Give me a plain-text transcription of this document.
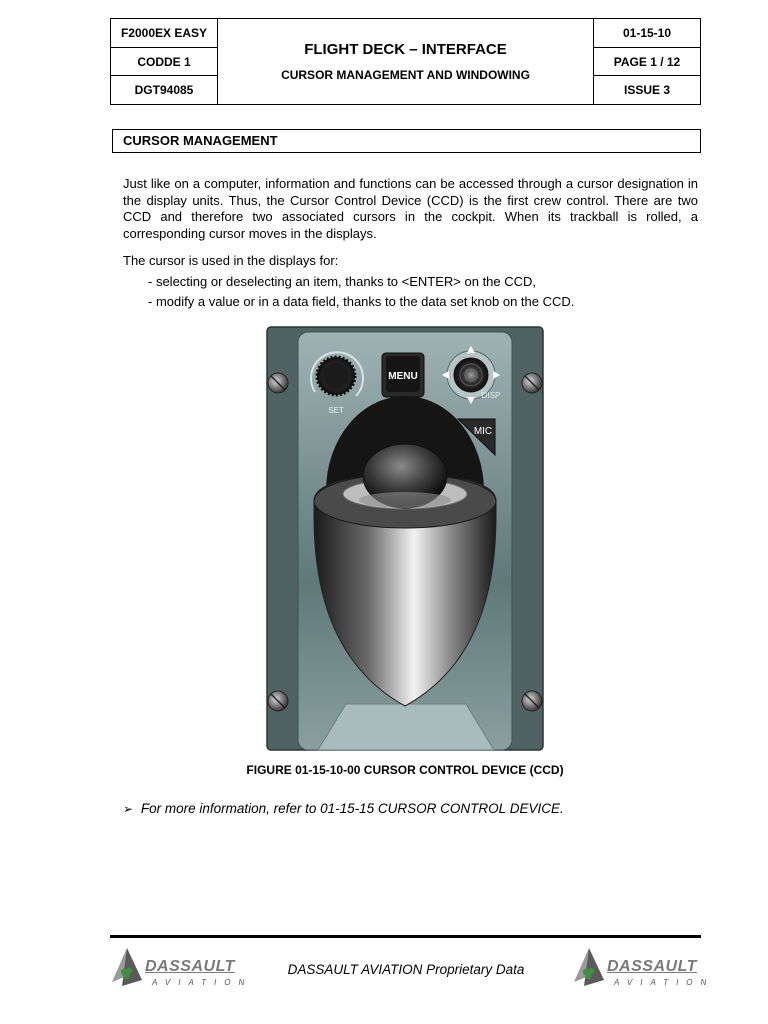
F2000EX EASY
CODDE 1
DGT94085
FLIGHT DECK – INTERFACE
CURSOR MANAGEMENT AND WINDOWING
01-15-10
PAGE 1 / 12
ISSUE 3
CURSOR MANAGEMENT
Just like on a computer, information and functions can be accessed through a cursor designation in the display units. Thus, the Cursor Control Device (CCD) is the first crew control. There are two CCD and therefore two associated cursors in the cockpit. When its trackball is rolled, a corresponding cursor moves in the displays.
The cursor is used in the displays for:
- selecting or deselecting an item, thanks to <ENTER> on the CCD,
- modify a value or in a data field, thanks to the data set knob on the CCD.
SET
MENU
DISP
MIC
FIGURE 01-15-10-00 CURSOR CONTROL DEVICE (CCD)
➢ For more information, refer to 01-15-15 CURSOR CONTROL DEVICE.
DASSAULT
AVIATION
DASSAULT AVIATION Proprietary Data	DASSAULT
AVIATION
